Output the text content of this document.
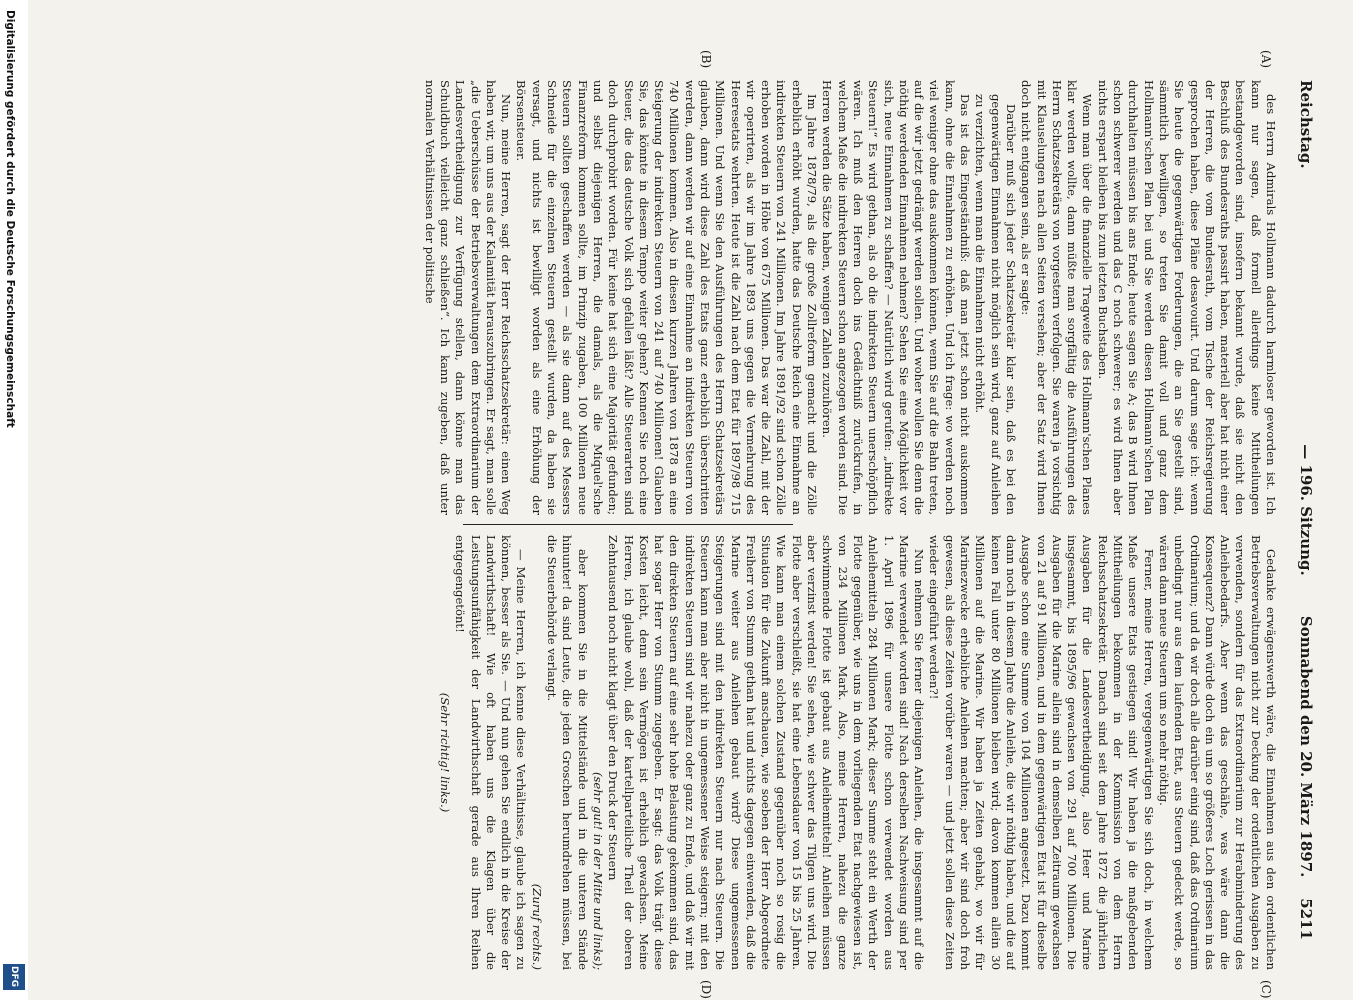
Digitalisierung gefördert durch die Deutsche Forschungsgemeinschaft
DFG
Reichstag.
— 196. Sitzung.
Sonnabend den 20. März 1897.    5211
(A)
(B)
(C)
(D)

des Herrn Admirals Hollmann dadurch harmloser geworden ist. Ich kann nur sagen, daß formell allerdings keine Mittheilungen bestandgeworden sind, insofern bekannt wurde, daß sie nicht den Beschluß des Bundesraths passirt haben, materiell aber hat nicht einer der Herren, die vom Bundesrath, vom Tische der Reichsregierung gesprochen haben, diese Pläne desavouirt. Und darum sage ich: wenn Sie heute die gegenwärtigen Forderungen, die an Sie gestellt sind, sämmtlich bewilligen, so treten Sie damit voll und ganz dem Hollmann'schen Plan bei und Sie werden diesen Hollmann'schen Plan durchhalten müssen bis ans Ende; heute sagen Sie A; das B wird Ihnen schon schwerer werden und das C noch schwerer; es wird Ihnen aber nichts erspart bleiben bis zum letzten Buchstaben.

Wenn man über die finanzielle Tragweite des Hollmann'schen Planes klar werden wollte, dann müßte man sorgfältig die Ausführungen des Herrn Schatzsekretärs von vorgestern verfolgen. Sie waren ja vorsichtig mit Klauselungen nach allen Seiten versehen; aber der Satz wird Ihnen doch nicht entgangen sein, als er sagte:

Darüber muß sich jeder Schatzsekretär klar sein, daß es bei den gegenwärtigen Einnahmen nicht möglich sein wird, ganz auf Anleihen zu verzichten, wenn man die Einnahmen nicht erhöht.

Das ist das Eingeständniß: daß man jetzt schon nicht auskommen kann, ohne die Einnahmen zu erhöhen. Und ich frage: wo werden noch viel weniger ohne das auskommen können, wenn Sie auf die Bahn treten, auf die wir jetzt gedrängt werden sollen. Und woher wollen Sie denn die nöthig werdenden Einnahmen nehmen? Sehen Sie eine Möglichkeit vor sich, neue Einnahmen zu schaffen? — Natürlich wird gerufen: „indirekte Steuern!“ Es wird gethan, als ob die indirekten Steuern unerschöpflich wären. Ich muß den Herren doch ins Gedächtniß zurückrufen, in welchem Maße die indirekten Steuern schon angezogen worden sind. Die Herren werden die Sätze haben, wenigen Zahlen zuzuhören.

Im Jahre 1878/79, als die große Zollreform gemacht und die Zölle erheblich erhöht wurden, hatte das Deutsche Reich eine Einnahme an indirekten Steuern von 241 Millionen. Im Jahre 1891/92 sind schon Zölle erhoben worden in Höhe von 675 Millionen. Das war die Zahl, mit der wir operirten, als wir im Jahre 1893 uns gegen die Vermehrung des Heeresetats wehrten. Heute ist die Zahl nach dem Etat für 1897/98 715 Millionen. Und wenn Sie den Ausführungen des Herrn Schatzsekretärs glauben, dann wird diese Zahl des Etats ganz erheblich überschritten werden, dann werden wir auf eine Einnahme an indirekten Steuern von 740 Millionen kommen. Also in diesen kurzen Jahren von 1878 an eine Steigerung der indirekten Steuern von 241 auf 740 Millionen! Glauben Sie, das könnte in diesem Tempo weiter gehen? Kennen Sie noch eine Steuer, die das deutsche Volk sich gefallen läßt? Alle Steuerarten sind doch durchprobirt worden. Für keine hat sich eine Majorität gefunden; und selbst diejenigen Herren, die damals, als die Miquel'sche Finanzreform kommen sollte, im Prinzip zugaben, 100 Millionen neue Steuern sollten geschaffen werden — als sie dann auf des Messers Schneide für die einzelnen Steuern gestellt wurden, da haben sie versagt, und nichts ist bewilligt worden als eine Erhöhung der Börsensteuer.

Nun, meine Herren, sagt der Herr Reichsschatzsekretär: einen Weg haben wir, um uns aus der Kalamität herauszubringen. Er sagt, man solle „die Ueberschüsse der Betriebsverwaltungen dem Extraordinarium der Landesvertheidigung zur Verfügung stellen, dann könne man das Schuldbuch vielleicht ganz schließen“. Ich kann zugeben, daß unter normalen Verhältnissen der politische

Gedanke erwägenswerth wäre, die Einnahmen aus den ordentlichen Betriebsverwaltungen nicht zur Deckung der ordentlichen Ausgaben zu verwenden, sondern für das Extraordinarium zur Herabminderung des Anleihebedarfs. Aber wenn das geschähe, was wäre dann die Konsequenz? Dann würde doch ein um so größeres Loch gerissen in das Ordinarium; und da wir doch alle darüber einig sind, daß das Ordinarium unbedingt nur aus dem laufenden Etat, aus Steuern gedeckt werde, so wären dann neue Steuern um so mehr nöthig.

Ferner, meine Herren, vergegenwärtigen Sie sich doch, in welchem Maße unsere Etats gestiegen sind! Wir haben ja die maßgebenden Mittheilungen bekommen in der Kommission von dem Herrn Reichsschatzsekretär. Danach sind seit dem Jahre 1872 die jährlichen Ausgaben für die Landesvertheidigung, also Heer und Marine insgesammt, bis 1895/96 gewachsen von 291 auf 700 Millionen. Die Ausgaben für die Marine allein sind in demselben Zeitraum gewachsen von 21 auf 91 Millionen, und in dem gegenwärtigen Etat ist für dieselbe Ausgabe schon eine Summe von 104 Millionen angesetzt. Dazu kommt dann noch in diesem Jahre die Anleihe, die wir nöthig haben, und die auf keinen Fall unter 80 Millionen bleiben wird; davon kommen allein 30 Millionen auf die Marine. Wir haben ja Zeiten gehabt, wo wir für Marinezwecke erhebliche Anleihen machten; aber wir sind doch froh gewesen, als diese Zeiten vorüber waren — und jetzt sollen diese Zeiten wieder eingeführt werden?!

Nun nehmen Sie ferner diejenigen Anleihen, die insgesammt auf die Marine verwendet worden sind! Nach derselben Nachweisung sind per 1. April 1896 für unsere Flotte schon verwendet worden aus Anleihemitteln 284 Millionen Mark; dieser Summe steht ein Werth der Flotte gegenüber, wie uns in dem vorliegenden Etat nachgewiesen ist, von 234 Millionen Mark. Also, meine Herren, nahezu die ganze schwimmende Flotte ist gebaut aus Anleihemitteln! Anleihen müssen aber verzinst werden! Sie sehen, wie schwer das Tilgen uns wird. Die Flotte aber verschleißt, sie hat eine Lebensdauer von 15 bis 25 Jahren. Wie kann man einem solchen Zustand gegenüber noch so rosig die Situation für die Zukunft anschauen, wie soeben der Herr Abgeordnete Freiherr von Stumm gethan hat und nichts dagegen einwenden, daß die Marine weiter aus Anleihen gebaut wird? Diese ungemessenen Steigerungen sind mit den indirekten Steuern nur nach Steuern. Die Steuern kann man aber nicht in ungemessener Weise steigern; mit den indirekten Steuern sind wir nahezu oder ganz zu Ende, und daß wir mit den direkten Steuern auf eine sehr hohe Belastung gekommen sind, das hat sogar Herr von Stumm zugegeben. Er sagt: das Volk trägt diese Kosten leicht, denn sein Vermögen ist erheblich gewachsen. Meine Herren, ich glaube wohl, daß der kartellparteiliche Theil der oberen Zehntausend noch nicht klagt über den Druck der Steuern

(sehr gut! in der Mitte und links);

aber kommen Sie in die Mittelstände und in die unteren Stände hinunter! da sind Leute, die jeden Groschen herumdrehen müssen, bei die Steuerbehörde verlangt.

(Zuruf rechts.)

— Meine Herren, ich kenne diese Verhältnisse, glaube ich sagen zu können, besser als Sie. — Und nun gehen Sie endlich in die Kreise der Landwirthschaft! Wie oft haben uns die Klagen über die Leistungsunfähigkeit der Landwirthschaft gerade aus Ihren Reihen entgegengetönt!

(Sehr richtig! links.)
